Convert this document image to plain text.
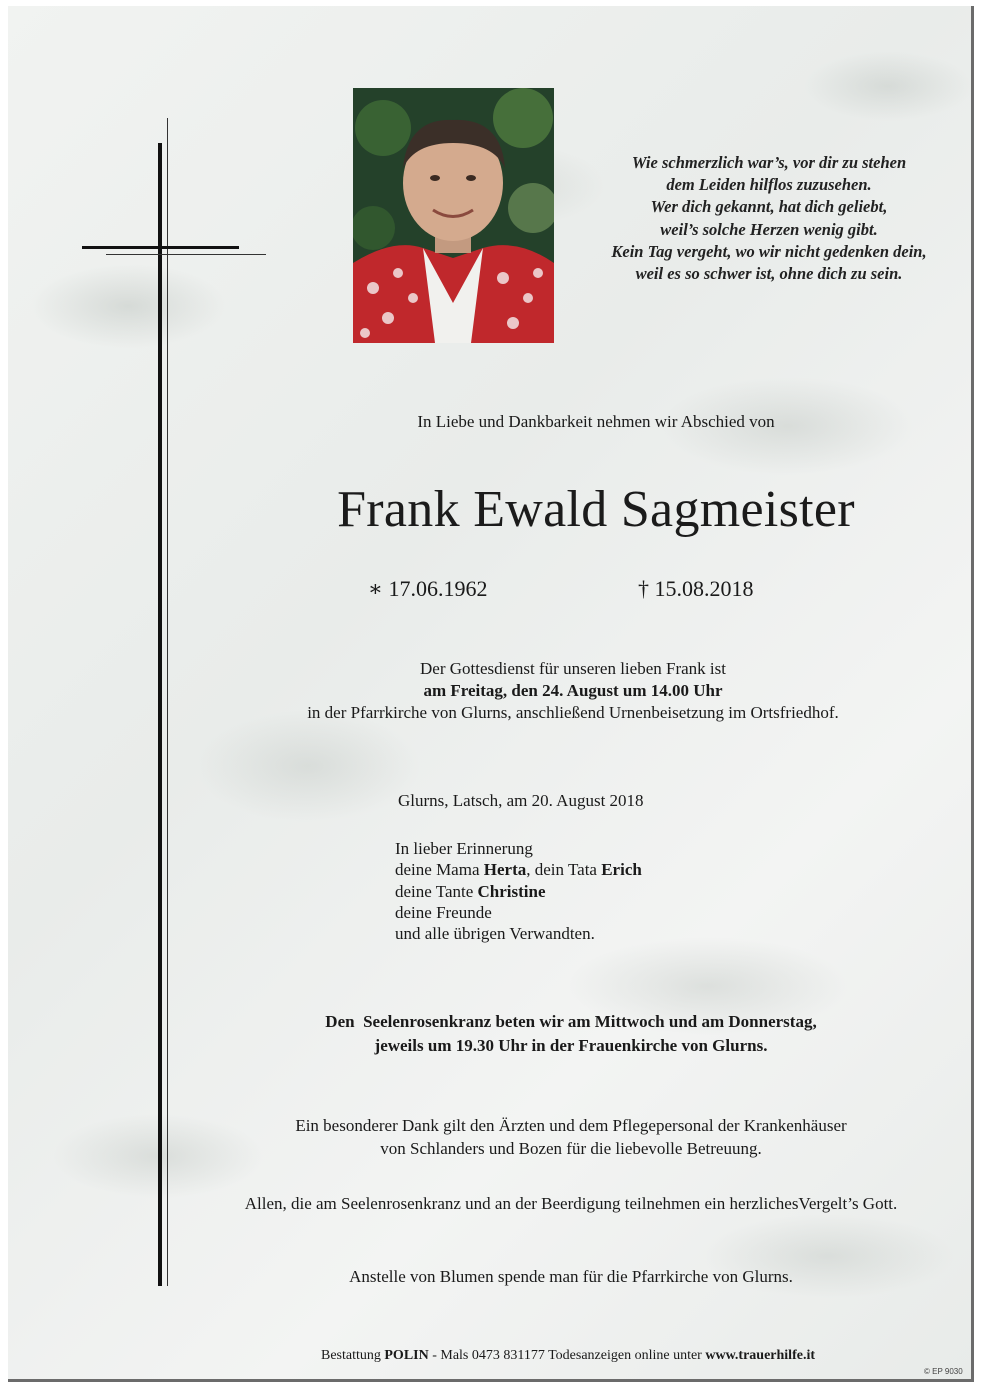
Wie schmerzlich war’s, vor dir zu stehen
dem Leiden hilflos zuzusehen.
Wer dich gekannt, hat dich geliebt,
weil’s solche Herzen wenig gibt.
Kein Tag vergeht, wo wir nicht gedenken dein,
weil es so schwer ist, ohne dich zu sein.
In Liebe und Dankbarkeit nehmen wir Abschied von
Frank Ewald Sagmeister
∗ 17.06.1962	† 15.08.2018
Der Gottesdienst für unseren lieben Frank ist
am Freitag, den 24. August um 14.00 Uhr
in der Pfarrkirche von Glurns, anschließend Urnenbeisetzung im Ortsfriedhof.
Glurns, Latsch, am 20. August 2018
In lieber Erinnerung
deine Mama Herta, dein Tata Erich
deine Tante Christine
deine Freunde
und alle übrigen Verwandten.
Den  Seelenrosenkranz beten wir am Mittwoch und am Donnerstag,
jeweils um 19.30 Uhr in der Frauenkirche von Glurns.
Ein besonderer Dank gilt den Ärzten und dem Pflegepersonal der Krankenhäuser
von Schlanders und Bozen für die liebevolle Betreuung.
Allen, die am Seelenrosenkranz und an der Beerdigung teilnehmen ein herzlichesVergelt’s Gott.
Anstelle von Blumen spende man für die Pfarrkirche von Glurns.
Bestattung POLIN - Mals 0473 831177 Todesanzeigen online unter www.trauerhilfe.it
© EP 9030
